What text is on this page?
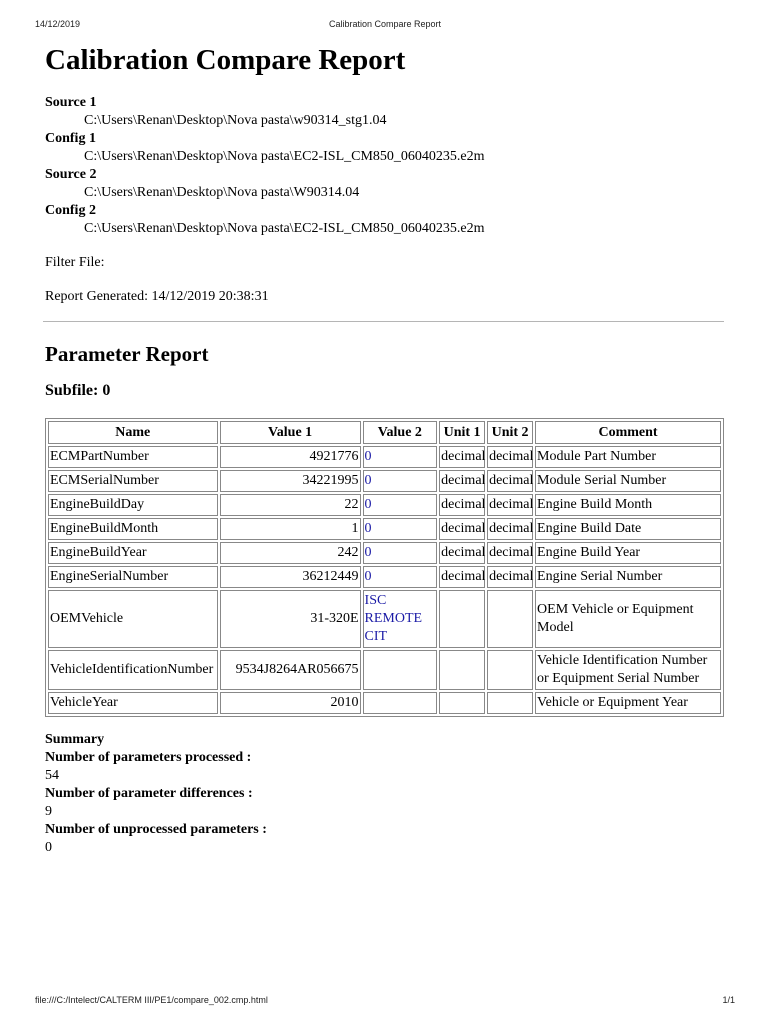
14/12/2019	Calibration Compare Report
Calibration Compare Report
Source 1
C:\Users\Renan\Desktop\Nova pasta\w90314_stg1.04
Config 1
C:\Users\Renan\Desktop\Nova pasta\EC2-ISL_CM850_06040235.e2m
Source 2
C:\Users\Renan\Desktop\Nova pasta\W90314.04
Config 2
C:\Users\Renan\Desktop\Nova pasta\EC2-ISL_CM850_06040235.e2m
Filter File:
Report Generated: 14/12/2019 20:38:31
Parameter Report
Subfile: 0
Name	Value 1	Value 2	Unit 1	Unit 2	Comment
ECMPartNumber	4921776	0	decimal	decimal	Module Part Number
ECMSerialNumber	34221995	0	decimal	decimal	Module Serial Number
EngineBuildDay	22	0	decimal	decimal	Engine Build Month
EngineBuildMonth	1	0	decimal	decimal	Engine Build Date
EngineBuildYear	242	0	decimal	decimal	Engine Build Year
EngineSerialNumber	36212449	0	decimal	decimal	Engine Serial Number
OEMVehicle	31-320E	ISC REMOTE CIT			OEM Vehicle or Equipment Model
VehicleIdentificationNumber	9534J8264AR056675				Vehicle Identification Number or Equipment Serial Number
VehicleYear	2010				Vehicle or Equipment Year
Summary
Number of parameters processed :
54
Number of parameter differences :
9
Number of unprocessed parameters :
0
file:///C:/Intelect/CALTERM III/PE1/compare_002.cmp.html	1/1
